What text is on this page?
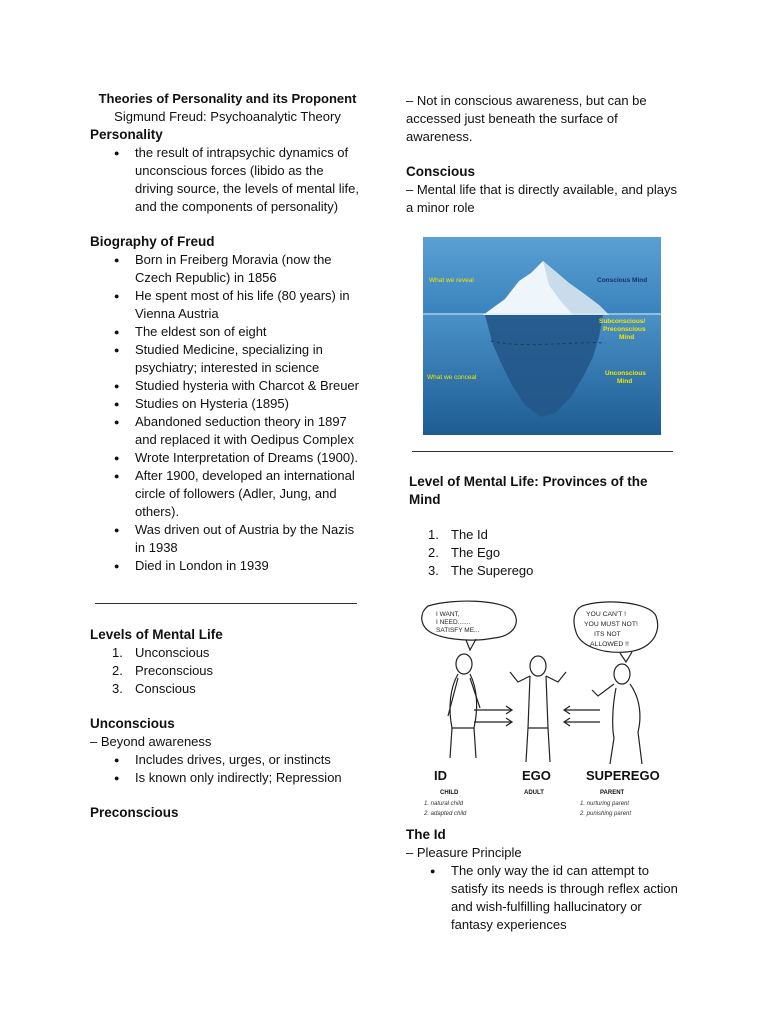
Theories of Personality and its Proponent

Sigmund Freud: Psychoanalytic Theory

Personality

● the result of intrapsychic dynamics of unconscious forces (libido as the driving source, the levels of mental life, and the components of personality)

Biography of Freud

● Born in Freiberg Moravia (now the Czech Republic) in 1856
● He spent most of his life (80 years) in Vienna Austria
● The eldest son of eight
● Studied Medicine, specializing in psychiatry; interested in science
● Studied hysteria with Charcot & Breuer
● Studies on Hysteria (1895)
● Abandoned seduction theory in 1897 and replaced it with Oedipus Complex
● Wrote Interpretation of Dreams (1900).
● After 1900, developed an international circle of followers (Adler, Jung, and others).
● Was driven out of Austria by the Nazis in 1938
● Died in London in 1939

Levels of Mental Life

1. Unconscious
2. Preconscious
3. Conscious

Unconscious

– Beyond awareness

● Includes drives, urges, or instincts
● Is known only indirectly; Repression

Preconscious

– Not in conscious awareness, but can be accessed just beneath the surface of awareness.

Conscious

– Mental life that is directly available, and plays a minor role

What we reveal	Conscious Mind
Subconscious/
Preconscious
Mind
What we conceal
Unconscious
Mind

Level of Mental Life: Provinces of the Mind

1. The Id
2. The Ego
3. The Superego
I WANT,
I NEED.......
SATISFY ME...
YOU CAN'T !
YOU MUST NOT!
ITS NOT
ALLOWED !!
ID	EGO	SUPEREGO
CHILD	ADULT	PARENT
1. natural child
2. adapted child
1. nurturing parent
2. punishing parent

The Id

– Pleasure Principle

● The only way the id can attempt to satisfy its needs is through reflex action and wish-fulfilling hallucinatory or fantasy experiences
